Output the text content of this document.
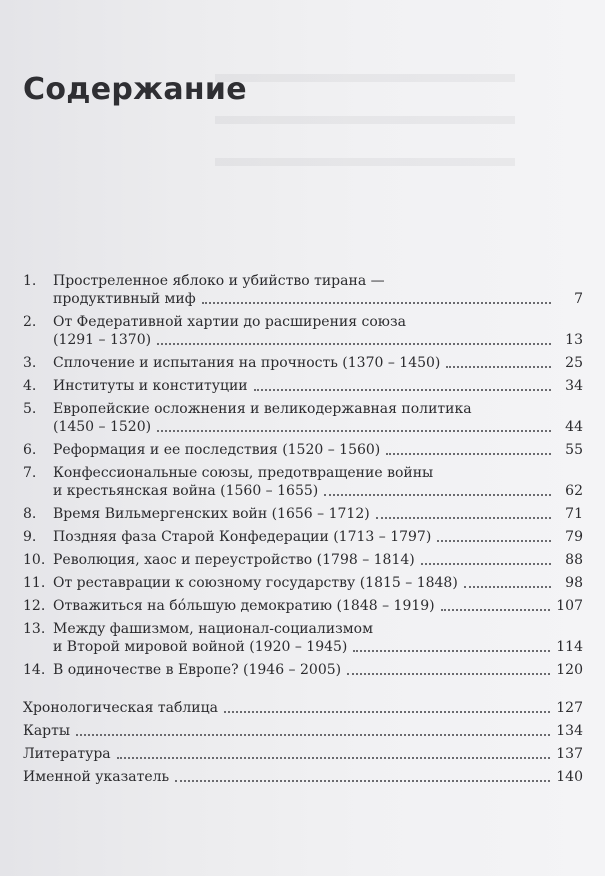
Содержание
1.	Простреленное яблоко и убийство тирана —
продуктивный миф	7
2.	От Федеративной хартии до расширения союза
(1291 – 1370)	13
3.	Сплочение и испытания на прочность (1370 – 1450)	25
4.	Институты и конституции	34
5.	Европейские осложнения и великодержавная политика
(1450 – 1520)	44
6.	Реформация и ее последствия (1520 – 1560)	55
7.	Конфессиональные союзы, предотвращение войны
и крестьянская война (1560 – 1655)	62
8.	Время Вильмергенских войн (1656 – 1712)	71
9.	Поздняя фаза Старой Конфедерации (1713 – 1797)	79
10. Революция, хаос и переустройство (1798 – 1814)	88
11. От реставрации к союзному государству (1815 – 1848)	98
12. Отважиться на бóльшую демократию (1848 – 1919)	107
13. Между фашизмом, национал-социализмом
и Второй мировой войной (1920 – 1945)	114
14. В одиночестве в Европе? (1946 – 2005)	120
Хронологическая таблица	127
Карты	134
Литература	137
Именной указатель	140
